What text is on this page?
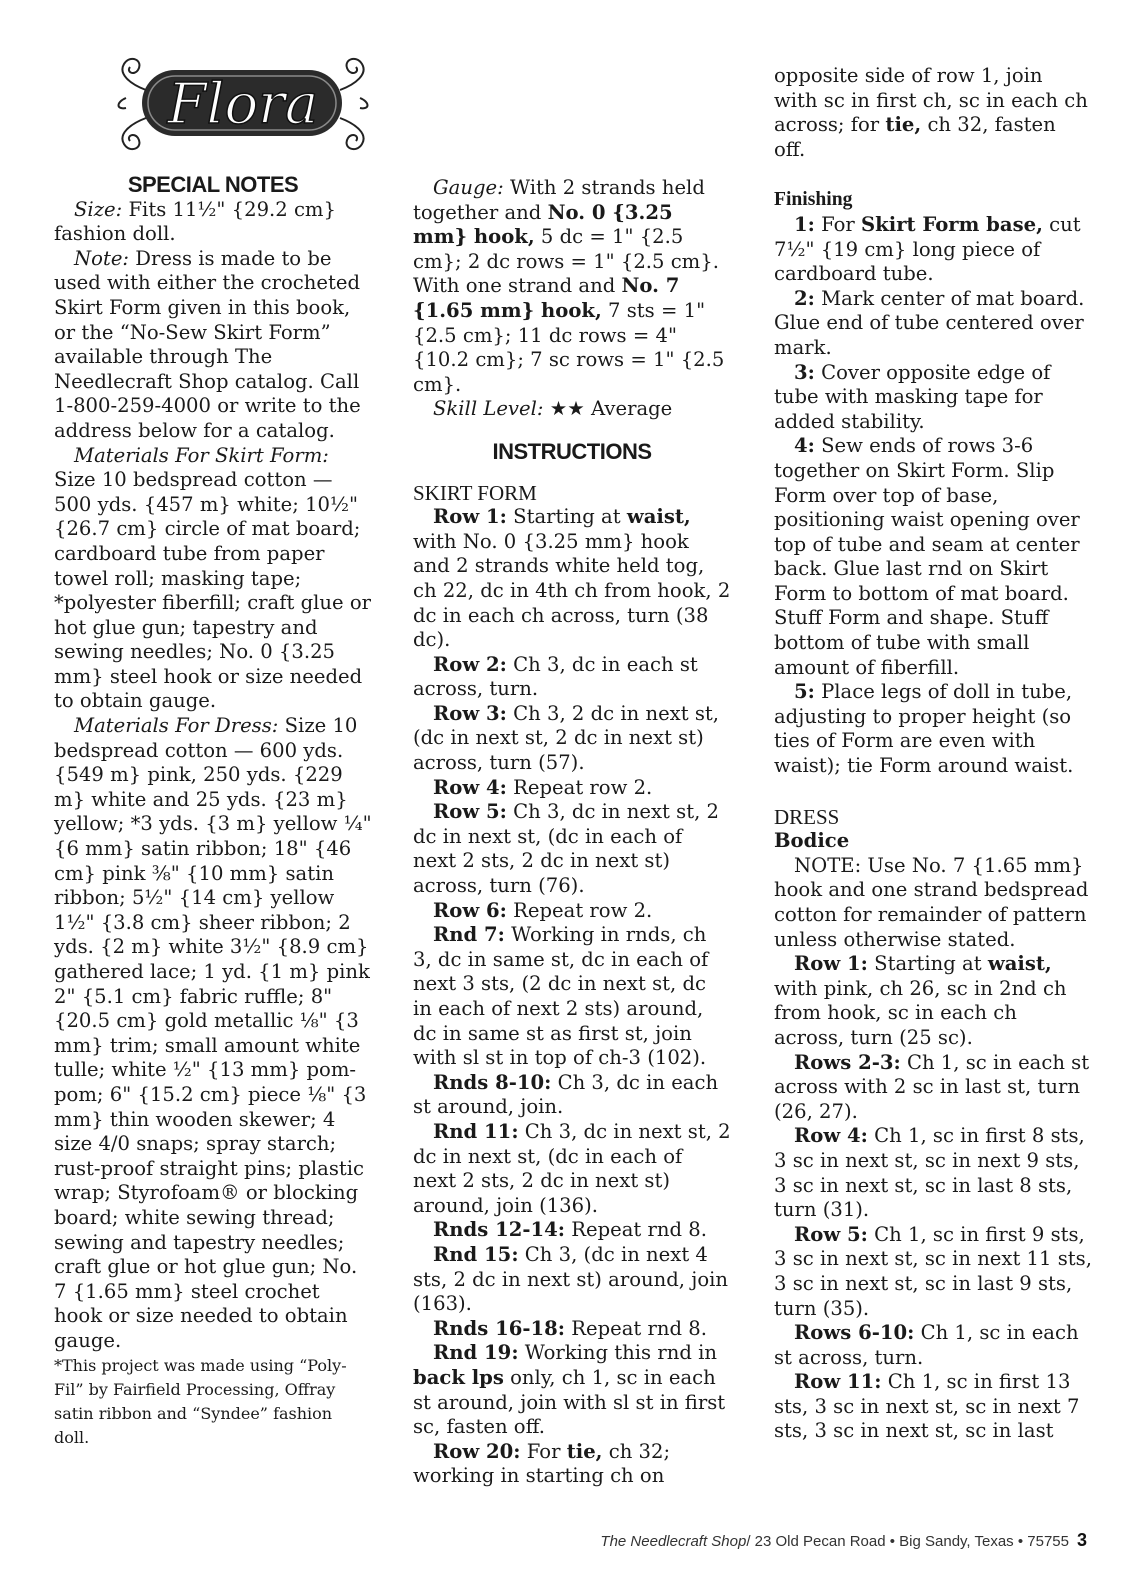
Flora

SPECIAL NOTES

Size: Fits 11½" {29.2 cm} fashion doll.

Note: Dress is made to be used with either the crocheted Skirt Form given in this book, or the “No-Sew Skirt Form” available through The Needlecraft Shop catalog. Call 1-800-259-4000 or write to the address below for a catalog.

Materials For Skirt Form: Size 10 bedspread cotton — 500 yds. {457 m} white; 10½" {26.7 cm} circle of mat board; cardboard tube from paper towel roll; masking tape; *polyester fiberfill; craft glue or hot glue gun; tapestry and sewing needles; No. 0 {3.25 mm} steel hook or size needed to obtain gauge.

Materials For Dress: Size 10 bedspread cotton — 600 yds. {549 m} pink, 250 yds. {229 m} white and 25 yds. {23 m} yellow; *3 yds. {3 m} yellow ¼" {6 mm} satin ribbon; 18" {46 cm} pink ⅜" {10 mm} satin ribbon; 5½" {14 cm} yellow 1½" {3.8 cm} sheer ribbon; 2 yds. {2 m} white 3½" {8.9 cm} gathered lace; 1 yd. {1 m} pink 2" {5.1 cm} fabric ruffle; 8" {20.5 cm} gold metallic ⅛" {3 mm} trim; small amount white tulle; white ½" {13 mm} pom-pom; 6" {15.2 cm} piece ⅛" {3 mm} thin wooden skewer; 4 size 4/0 snaps; spray starch; rust-proof straight pins; plastic wrap; Styrofoam® or blocking board; white sewing thread; sewing and tapestry needles; craft glue or hot glue gun; No. 7 {1.65 mm} steel crochet hook or size needed to obtain gauge.

*This project was made using “Poly-Fil” by Fairfield Processing, Offray satin ribbon and “Syndee” fashion doll.

Gauge: With 2 strands held together and No. 0 {3.25 mm} hook, 5 dc = 1" {2.5 cm}; 2 dc rows = 1" {2.5 cm}. With one strand and No. 7 {1.65 mm} hook, 7 sts = 1" {2.5 cm}; 11 dc rows = 4" {10.2 cm}; 7 sc rows = 1" {2.5 cm}.

Skill Level: ★★ Average

INSTRUCTIONS

SKIRT FORM

Row 1: Starting at waist, with No. 0 {3.25 mm} hook and 2 strands white held tog, ch 22, dc in 4th ch from hook, 2 dc in each ch across, turn (38 dc).

Row 2: Ch 3, dc in each st across, turn.

Row 3: Ch 3, 2 dc in next st, (dc in next st, 2 dc in next st) across, turn (57).

Row 4: Repeat row 2.

Row 5: Ch 3, dc in next st, 2 dc in next st, (dc in each of next 2 sts, 2 dc in next st) across, turn (76).

Row 6: Repeat row 2.

Rnd 7: Working in rnds, ch 3, dc in same st, dc in each of next 3 sts, (2 dc in next st, dc in each of next 2 sts) around, dc in same st as first st, join with sl st in top of ch-3 (102).

Rnds 8-10: Ch 3, dc in each st around, join.

Rnd 11: Ch 3, dc in next st, 2 dc in next st, (dc in each of next 2 sts, 2 dc in next st) around, join (136).

Rnds 12-14: Repeat rnd 8.

Rnd 15: Ch 3, (dc in next 4 sts, 2 dc in next st) around, join (163).

Rnds 16-18: Repeat rnd 8.

Rnd 19: Working this rnd in back lps only, ch 1, sc in each st around, join with sl st in first sc, fasten off.

Row 20: For tie, ch 32; working in starting ch on

opposite side of row 1, join with sc in first ch, sc in each ch across; for tie, ch 32, fasten off.

Finishing

1: For Skirt Form base, cut 7½" {19 cm} long piece of cardboard tube.

2: Mark center of mat board. Glue end of tube centered over mark.

3: Cover opposite edge of tube with masking tape for added stability.

4: Sew ends of rows 3-6 together on Skirt Form. Slip Form over top of base, positioning waist opening over top of tube and seam at center back. Glue last rnd on Skirt Form to bottom of mat board. Stuff Form and shape. Stuff bottom of tube with small amount of fiberfill.

5: Place legs of doll in tube, adjusting to proper height (so ties of Form are even with waist); tie Form around waist.

DRESS

Bodice

NOTE: Use No. 7 {1.65 mm} hook and one strand bedspread cotton for remainder of pattern unless otherwise stated.

Row 1: Starting at waist, with pink, ch 26, sc in 2nd ch from hook, sc in each ch across, turn (25 sc).

Rows 2-3: Ch 1, sc in each st across with 2 sc in last st, turn (26, 27).

Row 4: Ch 1, sc in first 8 sts, 3 sc in next st, sc in next 9 sts, 3 sc in next st, sc in last 8 sts, turn (31).

Row 5: Ch 1, sc in first 9 sts, 3 sc in next st, sc in next 11 sts, 3 sc in next st, sc in last 9 sts, turn (35).

Rows 6-10: Ch 1, sc in each st across, turn.

Row 11: Ch 1, sc in first 13 sts, 3 sc in next st, sc in next 7 sts, 3 sc in next st, sc in last

The Needlecraft Shop/ 23 Old Pecan Road • Big Sandy, Texas • 75755 3
